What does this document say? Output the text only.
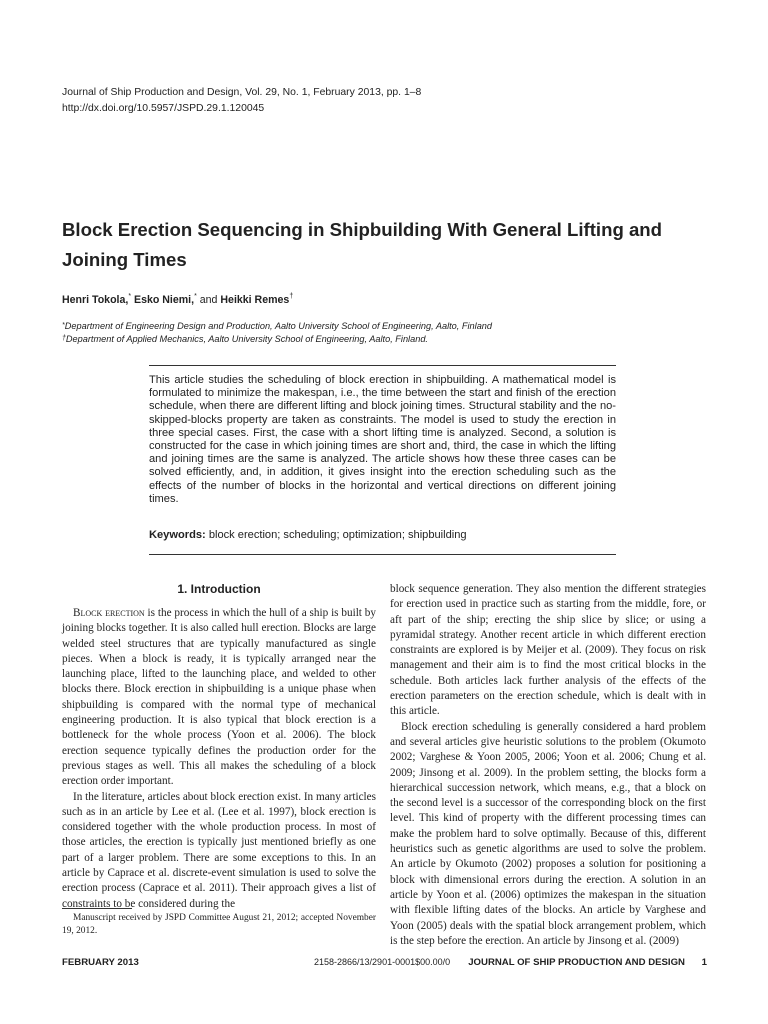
Journal of Ship Production and Design, Vol. 29, No. 1, February 2013, pp. 1–8
http://dx.doi.org/10.5957/JSPD.29.1.120045
Block Erection Sequencing in Shipbuilding With General Lifting and Joining Times
Henri Tokola,* Esko Niemi,* and Heikki Remes†
*Department of Engineering Design and Production, Aalto University School of Engineering, Aalto, Finland
†Department of Applied Mechanics, Aalto University School of Engineering, Aalto, Finland.
This article studies the scheduling of block erection in shipbuilding. A mathematical model is formulated to minimize the makespan, i.e., the time between the start and finish of the erection schedule, when there are different lifting and block joining times. Structural stability and the no-skipped-blocks property are taken as constraints. The model is used to study the erection in three special cases. First, the case with a short lifting time is analyzed. Second, a solution is constructed for the case in which joining times are short and, third, the case in which the lifting and joining times are the same is analyzed. The article shows how these three cases can be solved efficiently, and, in addition, it gives insight into the erection scheduling such as the effects of the number of blocks in the horizontal and vertical directions on different joining times.
Keywords: block erection; scheduling; optimization; shipbuilding
1. Introduction

Block erection is the process in which the hull of a ship is built by joining blocks together. It is also called hull erection. Blocks are large welded steel structures that are typically manufactured as single pieces. When a block is ready, it is typically arranged near the launching place, lifted to the launching place, and welded to other blocks there. Block erection in shipbuilding is a unique phase when shipbuilding is compared with the normal type of mechanical engineering production. It is also typical that block erection is a bottleneck for the whole process (Yoon et al. 2006). The block erection sequence typically defines the production order for the previous stages as well. This all makes the scheduling of a block erection order important.

In the literature, articles about block erection exist. In many articles such as in an article by Lee et al. (Lee et al. 1997), block erection is considered together with the whole production process. In most of those articles, the erection is typically just mentioned briefly as one part of a larger problem. There are some exceptions to this. In an article by Caprace et al. discrete-event simulation is used to solve the erection process (Caprace et al. 2011). Their approach gives a list of constraints to be considered during the

block sequence generation. They also mention the different strategies for erection used in practice such as starting from the middle, fore, or aft part of the ship; erecting the ship slice by slice; or using a pyramidal strategy. Another recent article in which different erection constraints are explored is by Meijer et al. (2009). They focus on risk management and their aim is to find the most critical blocks in the schedule. Both articles lack further analysis of the effects of the erection parameters on the erection schedule, which is dealt with in this article.

Block erection scheduling is generally considered a hard problem and several articles give heuristic solutions to the problem (Okumoto 2002; Varghese & Yoon 2005, 2006; Yoon et al. 2006; Chung et al. 2009; Jinsong et al. 2009). In the problem setting, the blocks form a hierarchical succession network, which means, e.g., that a block on the second level is a successor of the corresponding block on the first level. This kind of property with the different processing times can make the problem hard to solve optimally. Because of this, different heuristics such as genetic algorithms are used to solve the problem. An article by Okumoto (2002) proposes a solution for positioning a block with dimensional errors during the erection. A solution in an article by Yoon et al. (2006) optimizes the makespan in the situation with flexible lifting dates of the blocks. An article by Varghese and Yoon (2005) deals with the spatial block arrangement problem, which is the step before the erection. An article by Jinsong et al. (2009)

Manuscript received by JSPD Committee August 21, 2012; accepted November 19, 2012.
FEBRUARY 2013	2158-2866/13/2901-0001$00.00/0 JOURNAL OF SHIP PRODUCTION AND DESIGN 1
